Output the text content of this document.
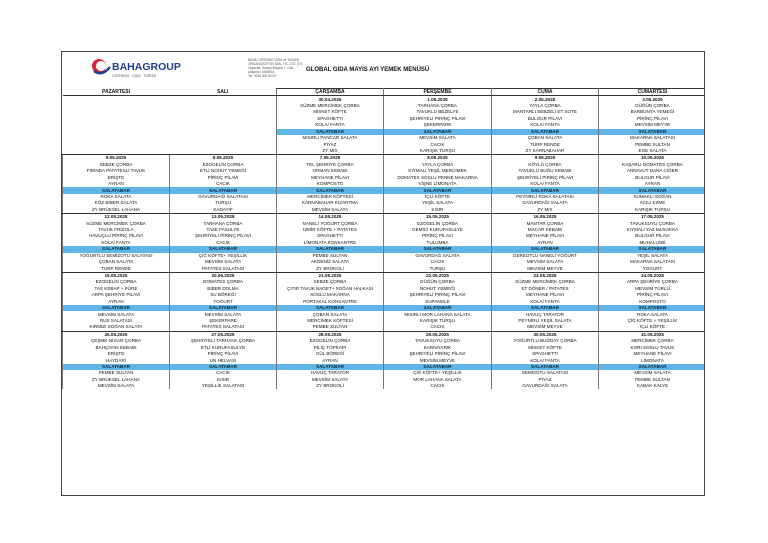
BAHAGROUP
CATERING · GIDA · TURİZM
BAHA CATERING GIDA ve TURİZM
ORGANİZASYON SAN. TİC. LTD. ŞTİ.
Organize Sanayi Bölgesi 7. Cad.
Alaşehir / MANİSA
Tel: 0236 000 00 00
GLOBAL GIDA MAYIS AYI YEMEK MENÜSÜ
PAZARTESİ	SALI	ÇARŞAMBA	PERŞEMBE	CUMA	CUMARTESİ
		30.04.2025	1.05.2025	2.05.2025	3.05.2025
		SÜZME MERCİMEK ÇORBA	TARHANA ÇORBA	YAYLA ÇORBA	DÜĞÜN ÇORBA
		MISKET KÖFTE	TAVUKLU BEZELYE	MANTARLI SEBZELİ ET SOTE	BARBUNYA YEMEĞİ
		SPAGHETTI	ŞEHRİYELİ PİRİNÇ PİLAVI	BULGUR PİLAVI	PİRİNÇ PİLAVI
		KOLA/ FANTA	ŞEKERPARE	KOLA/ FANTA	MEVSİM MEYVE
		SALATABAR	SALATABAR	SALATABAR	SALATABAR
		MISIRLI PANCAR SALATA	MEVSİM SALATA	ÇOBAN SALATA	MAKARNA SALATASI
		PİYAZ	CACIK	TURP RENDE	PEMBE SULTAN
		ZY MIX	KARIŞIK TURŞU	ZY KARNABAHAR	EGE SALATA
5.05.2025	6.05.2025	7.05.2025	8.05.2025	9.05.2025	10.05.2025
SEBZE ÇORBA	EZOGELİN ÇORBA	TEL ŞEHRİYE ÇORBA	YAYLA ÇORBA	KÖYLÜ ÇORBA	KAŞARLI DOMATES ÇORBA
FIRINDA PATATESLİ TAVUK	ETLİ NOHUT YEMEĞİ	ORMAN KEBABI	KIYMALI YEŞİL MERCİMEK	TAVUKLU BUĞU KEBABI	ARNAVUT DANA CİĞER
ERİŞTE	PİRİNÇ PİLAVI	MEYHANE PİLAVI	DOMATES SOSLU PENNE MAKARNA	ŞEHRİYELİ PİRİNÇ PİLAVI	BULGUR PİLAVI
AYRAN	CACIK	KOMPOSTO	VİŞNE LİMONATA	KOLA/ FANTA	AYRAN
SALATABAR	SALATABAR	SALATABAR	SALATABAR	SALATABAR	SALATABAR
ROKA SALATA	GAVURDAĞI SALATASI	MERCİMEK KÖFTESİ	İÇLİ KÖFTE	PEYNİRLİ ROKA SALATASI	SUMAKLI SOĞAN
KÖZ BİBER SALATA	TURŞU	KARNABAHAR KIZARTMA	YEŞİL SALATA	GAVURDAĞI SALATA	ACILI EZME
ZY BRÜKSEL LAHANA	KADAYIF	MEVSİM SALATA	KISIR	ZY MİX	KARIŞIK TURŞU
12.05.2025	13.05.2025	14.05.2025	15.05.2025	16.05.2025	17.05.2025
SÜZME MERCİMEK ÇORBA	TARHANA ÇORBA	NANELİ YOĞURT ÇORBA	EZOGELİN ÇORBA	MANTAR ÇORBA	TAVUKSUYU ÇORBA
TAVUK FRİZOLA	TAZE FASULYE	İZMİR KÖFTE + PATATES	GEMİCİ KURUFASULYE	MACAR KEBABI	KIYMALI YAZ MUSAKKA
HAVUÇLU PİRİNÇ PİLAVI	ŞEHRİYELİ PİRİNÇ PİLAVI	SPAGHETTI	PİRİNÇ PİLAVI	MEYHANE PİLAVI	BULGUR PİLAVI
KOLA/ FANTA	CACIK	LİMONATA KONSANTRE	TULUMBA	AYRAN	MUHALLEBİ
SALATABAR	SALATABAR	SALATABAR	SALATABAR	SALATABAR	SALATABAR
YOĞURTLU SEMİZOTU SALATASI	ÇİĞ KÖFTE+ YEŞİLLİK	PEMBE SULTAN	GAVURDAĞ SALATA	DEREOTLU NANELİ YOĞURT	YEŞİL SALATA
ÇOBAN SALATA	MEVSİM SALATA	AKDENİZ SALATA	CACIK	MEVSİM SALATA	MAKARNA SALATASI
TURP RENDE	PATATES SALATASI	ZY BROKOLİ	TURŞU	MEVSİM MEYVE	YOGURT
19.05.2025	20.05.2025	21.05.2025	22.05.2025	23.05.2025	24.05.2025
EZOGELİN ÇORBA	DOMATES ÇORBA	SEBZE ÇORBA	DÜĞÜN ÇORBA	SÜZME MERCİMEK ÇORBA	ARPA ŞEHRİYE ÇORBA
TAS KEBAP + PÜRE	BİBER DOLMA	ÇITIR TAVUK BAGET+ SOĞAN HALKASI	NOHUT YEMEĞİ	ET DÖNER / PATATES	MEVSİM TÜRLÜ
ARPA ŞEHRİYE PİLAVI	SU BÖREĞİ	SOSLU MAKARNA	ŞEHRİYELİ PİRİNÇ PİLAVI	MEYHANE PİLAVI	PİRİNÇ PİLAVI
AYRAN	YOĞURT	PORTAKAL KONSANTRE	SUPANGLE	KOLA/ FANTA	KOMPOSTO
SALATABAR	SALATABAR	SALATABAR	SALATABAR	SALATABAR	SALATABAR
MEVSİM SALATA	MEVSİM SALATA	ÇOBAN SALATA	MISIRLI MOR LAHANA SALATA	HAVUÇ TARATOR	ROKA SALATA
RUS SALATASI	ŞEKERPARE	MERCİMEK KÖFTESİ	KARIŞIK TURŞU	PEYNİRLİ YEŞİL SALATA	ÇİĞ KÖFTE + YEŞİLLİK
KIRMIZI SOĞAN SALATA	PATATES SALATASI	PEMBE SULTAN	CACIK	MEVSİM MEYVE	İÇLİ KÖFTE
26.05.2025	27.05.2025	28.05.2025	29.05.2025	30.05.2025	31.05.2025
ÇEŞME-NİGAR ÇORBA	ŞEHRİYELİ TARHANA ÇORBA	EZOGELİN ÇORBA	TAVUKSUYU ÇORBA	YOĞURTLU BUĞDAY ÇORBA	MERCİMEK ÇORBA
BAHÇIVAN KEBABI	ETLİ KURUFASULYE	PİLİÇ TOPKAPI	KARNIYARIK	MISKET KÖFTE	KORİ SOSLU TAVUK
ERİŞTE	PİRİNÇ PİLAVI	GÜL BÖREĞİ	ŞEHRİYELİ PİRİNÇ PİLAVI	SPAGHETTI	MEYHANE PİLAVI
HAYDARİ	UN HELVASI	AYRAN	MEVSİM MEYVE	KOLA/ FANTA	LİMONATA
SALATABAR	SALATABAR	SALATABAR	SALATABAR	SALATABAR	SALATABAR
PEMBE SULTAN	CACIK	HAVUÇ TARATOR	ÇİĞ KÖFTE+ YEŞİLLİK	SEMİZOTU SALATASI	MEVSİM SALATA
ZY BRÜKSEL LAHANA	KISIR	MEVSİM SALATA	MOR LAHANA SALATA	PİYAZ	PEMBE SULTAN
MEVSİM SALATA	YEŞİLLİK SALATASI	ZY BROKOLİ	CACIK	GAVURDAĞI SALATA	KABAK KALYE
